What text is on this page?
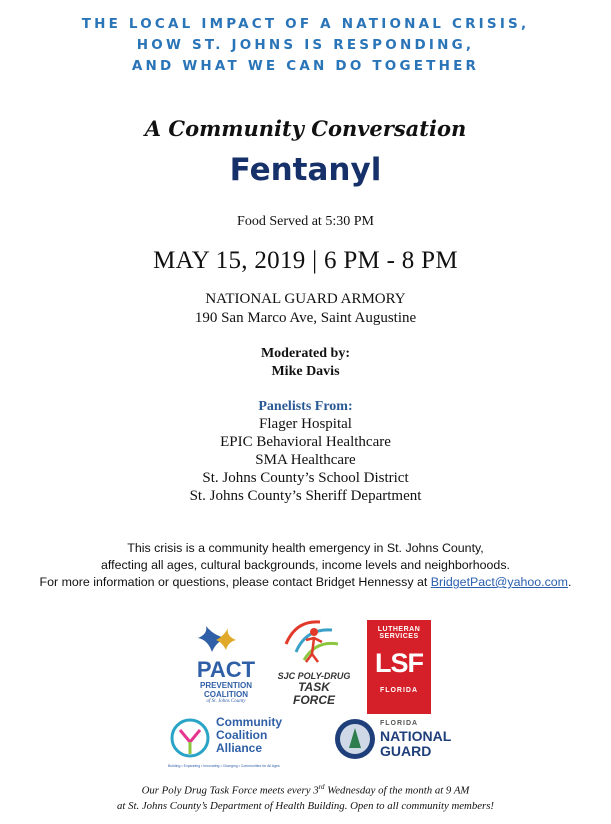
THE LOCAL IMPACT OF A NATIONAL CRISIS,
HOW ST. JOHNS IS RESPONDING,
AND WHAT WE CAN DO TOGETHER
A Community Conversation
Fentanyl
Food Served at 5:30 PM
MAY 15, 2019 | 6 PM - 8 PM
NATIONAL GUARD ARMORY
190 San Marco Ave, Saint Augustine
Moderated by:
Mike Davis
Panelists From:
Flager Hospital
EPIC Behavioral Healthcare
SMA Healthcare
St. Johns County’s School District
St. Johns County’s Sheriff Department
This crisis is a community health emergency in St. Johns County,
affecting all ages, cultural backgrounds, income levels and neighborhoods.
For more information or questions, please contact Bridget Hennessy at BridgetPact@yahoo.com.
PACT
PREVENTION
COALITION
of St. Johns County
SJC POLY-DRUG
TASK FORCE
LUTHERAN
SERVICES
LSF
FLORIDA
Community
Coalition
Alliance
Building • Expanding • Innovating • Changing • Communities for All Ages
FLORIDA
NATIONAL
GUARD
Our Poly Drug Task Force meets every 3rd Wednesday of the month at 9 AM
at St. Johns County’s Department of Health Building. Open to all community members!
